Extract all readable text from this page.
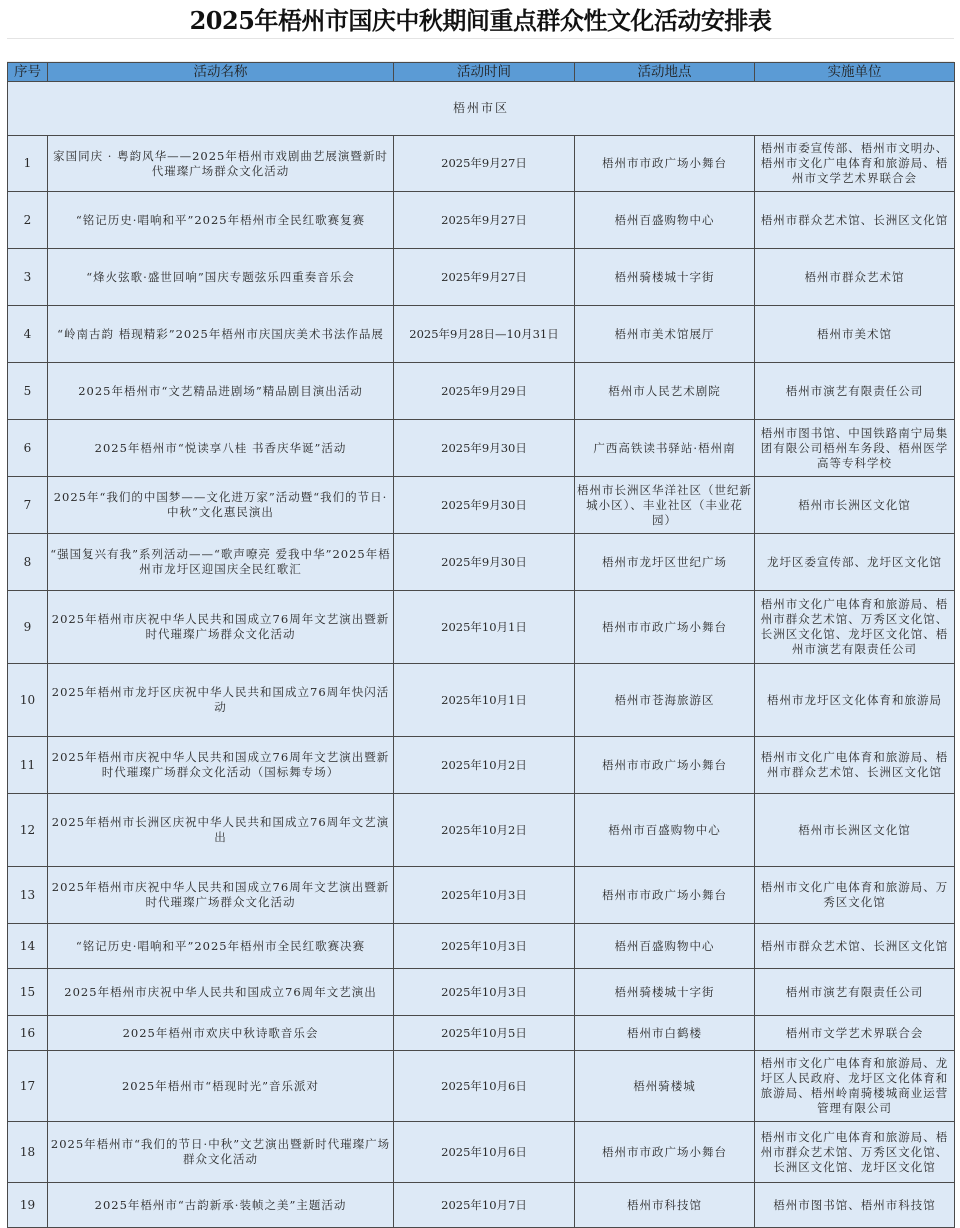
2025年梧州市国庆中秋期间重点群众性文化活动安排表
序号	活动名称	活动时间	活动地点	实施单位
梧州市区				
1	家国同庆 · 粤韵风华——2025年梧州市戏剧曲艺展演暨新时代璀璨广场群众文化活动	2025年9月27日	梧州市市政广场小舞台	梧州市委宣传部、梧州市文明办、梧州市文化广电体育和旅游局、梧州市文学艺术界联合会
2	“铭记历史·唱响和平”2025年梧州市全民红歌赛复赛	2025年9月27日	梧州百盛购物中心	梧州市群众艺术馆、长洲区文化馆
3	“烽火弦歌·盛世回响”国庆专题弦乐四重奏音乐会	2025年9月27日	梧州骑楼城十字街	梧州市群众艺术馆
4	“岭南古韵 梧现精彩”2025年梧州市庆国庆美术书法作品展	2025年9月28日—10月31日	梧州市美术馆展厅	梧州市美术馆
5	2025年梧州市“文艺精品进剧场”精品剧目演出活动	2025年9月29日	梧州市人民艺术剧院	梧州市演艺有限责任公司
6	2025年梧州市“悦读享八桂 书香庆华诞”活动	2025年9月30日	广西高铁读书驿站·梧州南	梧州市图书馆、中国铁路南宁局集团有限公司梧州车务段、梧州医学高等专科学校
7	2025年“我们的中国梦——文化进万家”活动暨“我们的节日·中秋”文化惠民演出	2025年9月30日	梧州市长洲区华洋社区（世纪新城小区）、丰业社区（丰业花园）	梧州市长洲区文化馆
8	“强国复兴有我”系列活动——“歌声嘹亮 爱我中华”2025年梧州市龙圩区迎国庆全民红歌汇	2025年9月30日	梧州市龙圩区世纪广场	龙圩区委宣传部、龙圩区文化馆
9	2025年梧州市庆祝中华人民共和国成立76周年文艺演出暨新时代璀璨广场群众文化活动	2025年10月1日	梧州市市政广场小舞台	梧州市文化广电体育和旅游局、梧州市群众艺术馆、万秀区文化馆、长洲区文化馆、龙圩区文化馆、梧州市演艺有限责任公司
10	2025年梧州市龙圩区庆祝中华人民共和国成立76周年快闪活动	2025年10月1日	梧州市苍海旅游区	梧州市龙圩区文化体育和旅游局
11	2025年梧州市庆祝中华人民共和国成立76周年文艺演出暨新时代璀璨广场群众文化活动（国标舞专场）	2025年10月2日	梧州市市政广场小舞台	梧州市文化广电体育和旅游局、梧州市群众艺术馆、长洲区文化馆
12	2025年梧州市长洲区庆祝中华人民共和国成立76周年文艺演出	2025年10月2日	梧州市百盛购物中心	梧州市长洲区文化馆
13	2025年梧州市庆祝中华人民共和国成立76周年文艺演出暨新时代璀璨广场群众文化活动	2025年10月3日	梧州市市政广场小舞台	梧州市文化广电体育和旅游局、万秀区文化馆
14	“铭记历史·唱响和平”2025年梧州市全民红歌赛决赛	2025年10月3日	梧州百盛购物中心	梧州市群众艺术馆、长洲区文化馆
15	2025年梧州市庆祝中华人民共和国成立76周年文艺演出	2025年10月3日	梧州骑楼城十字街	梧州市演艺有限责任公司
16	2025年梧州市欢庆中秋诗歌音乐会	2025年10月5日	梧州市白鹤楼	梧州市文学艺术界联合会
17	2025年梧州市“梧现时光”音乐派对	2025年10月6日	梧州骑楼城	梧州市文化广电体育和旅游局、龙圩区人民政府、龙圩区文化体育和旅游局、梧州岭南骑楼城商业运营管理有限公司
18	2025年梧州市“我们的节日·中秋”文艺演出暨新时代璀璨广场群众文化活动	2025年10月6日	梧州市市政广场小舞台	梧州市文化广电体育和旅游局、梧州市群众艺术馆、万秀区文化馆、长洲区文化馆、龙圩区文化馆
19	2025年梧州市“古韵新承·装帧之美”主题活动	2025年10月7日	梧州市科技馆	梧州市图书馆、梧州市科技馆
